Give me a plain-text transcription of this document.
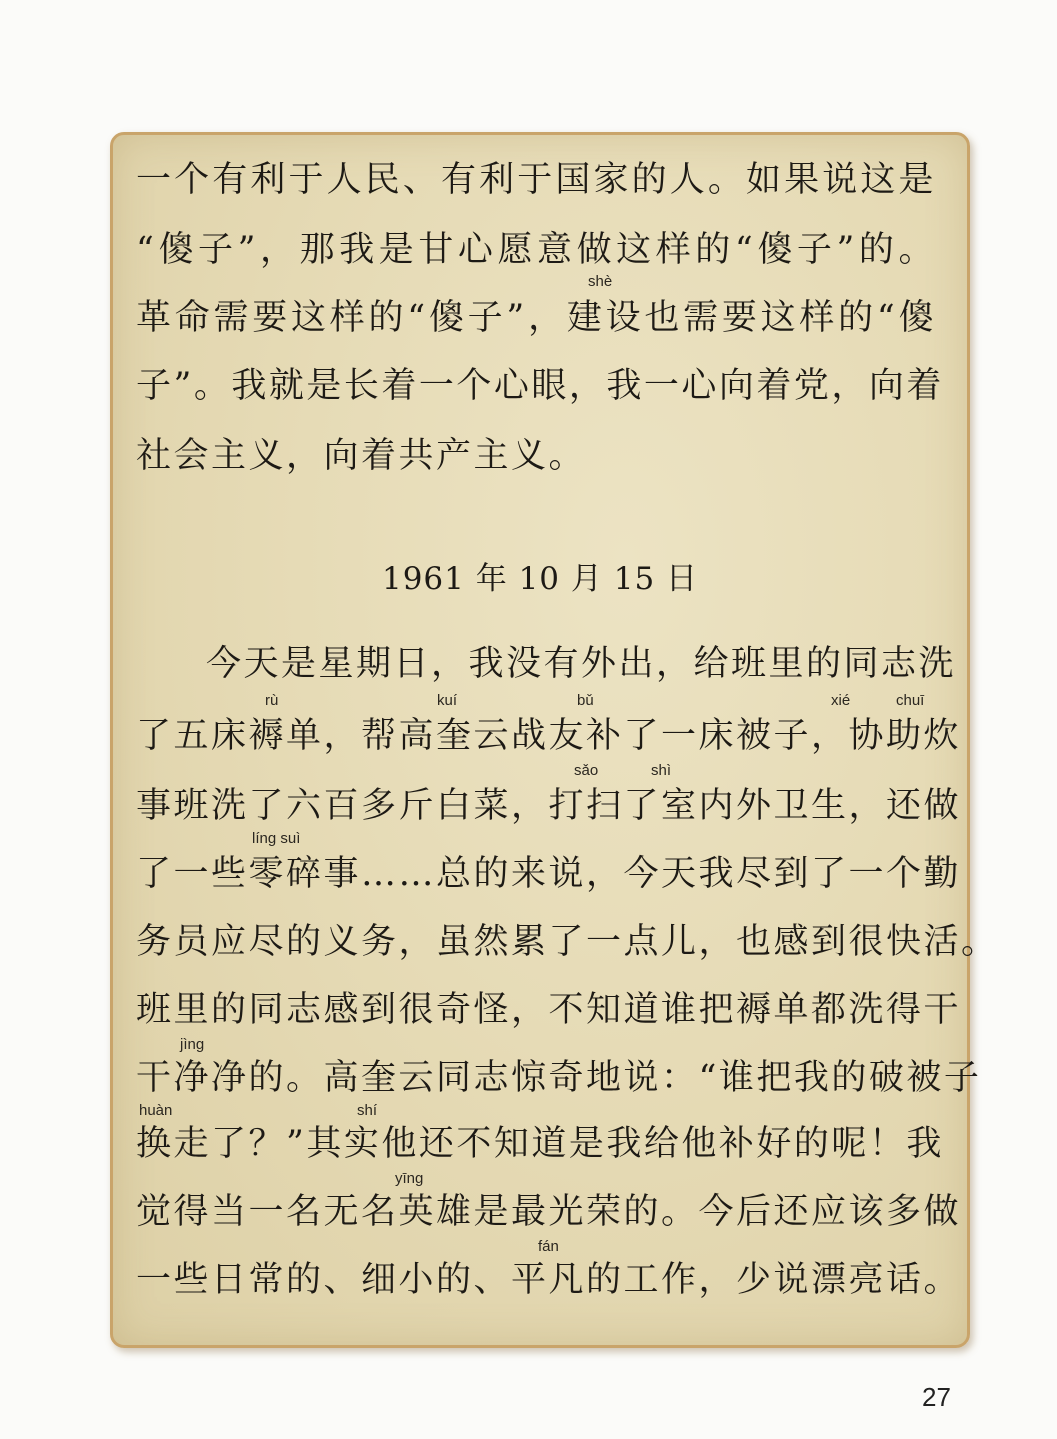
一个有利于人民、有利于国家的人。如果说这是
“傻子”，那我是甘心愿意做这样的“傻子”的。
shè
革命需要这样的“傻子”，建设也需要这样的“傻
子”。我就是长着一个心眼，我一心向着党，向着
社会主义，向着共产主义。
1961 年 10 月 15 日
今天是星期日，我没有外出，给班里的同志洗
rù	kuí	bǔ	xié	chuī
了五床褥单，帮高奎云战友补了一床被子，协助炊
sǎo	shì
事班洗了六百多斤白菜，打扫了室内外卫生，还做
líng suì
了一些零碎事……总的来说，今天我尽到了一个勤
务员应尽的义务，虽然累了一点儿，也感到很快活。
班里的同志感到很奇怪，不知道谁把褥单都洗得干
jìng
干净净的。高奎云同志惊奇地说：“谁把我的破被子
huàn	shí
换走了？”其实他还不知道是我给他补好的呢！我
yīng
觉得当一名无名英雄是最光荣的。今后还应该多做
fán
一些日常的、细小的、平凡的工作，少说漂亮话。
27
